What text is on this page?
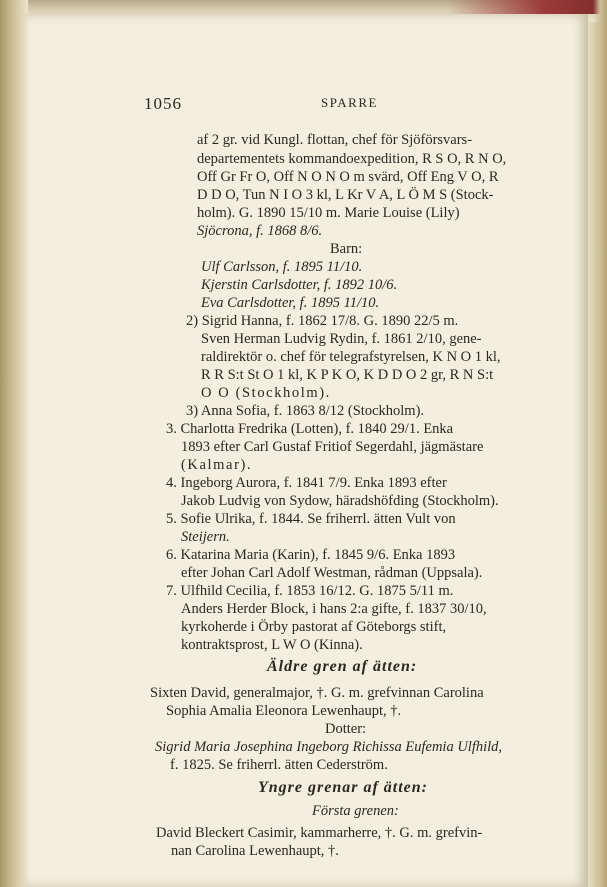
1056	SPARRE
af 2 gr. vid Kungl. flottan, chef för Sjöförsvars-
departementets kommandoexpedition, R S O, R N O,
Off Gr Fr O, Off N O N O m svärd, Off Eng V O, R
D D O, Tun N I O 3 kl, L Kr V A, L Ö M S (Stock-
holm). G. 1890 15/10 m. Marie Louise (Lily)
Sjöcrona, f. 1868 8/6.
Barn:
Ulf Carlsson, f. 1895 11/10.
Kjerstin Carlsdotter, f. 1892 10/6.
Eva Carlsdotter, f. 1895 11/10.
2) Sigrid Hanna, f. 1862 17/8. G. 1890 22/5 m.
Sven Herman Ludvig Rydin, f. 1861 2/10, gene-
raldirektör o. chef för telegrafstyrelsen, K N O 1 kl,
R R S:t St O 1 kl, K P K O, K D D O 2 gr, R N S:t
O O (Stockholm).
3) Anna Sofia, f. 1863 8/12 (Stockholm).
3. Charlotta Fredrika (Lotten), f. 1840 29/1. Enka
1893 efter Carl Gustaf Fritiof Segerdahl, jägmästare
(Kalmar).
4. Ingeborg Aurora, f. 1841 7/9. Enka 1893 efter
Jakob Ludvig von Sydow, häradshöfding (Stockholm).
5. Sofie Ulrika, f. 1844. Se friherrl. ätten Vult von
Steijern.
6. Katarina Maria (Karin), f. 1845 9/6. Enka 1893
efter Johan Carl Adolf Westman, rådman (Uppsala).
7. Ulfhild Cecilia, f. 1853 16/12. G. 1875 5/11 m.
Anders Herder Block, i hans 2:a gifte, f. 1837 30/10,
kyrkoherde i Örby pastorat af Göteborgs stift,
kontraktsprost, L W O (Kinna).
Äldre gren af ätten:
Sixten David, generalmajor, †. G. m. grefvinnan Carolina
Sophia Amalia Eleonora Lewenhaupt, †.
Dotter:
Sigrid Maria Josephina Ingeborg Richissa Eufemia Ulfhild,
f. 1825. Se friherrl. ätten Cederström.
Yngre grenar af ätten:
Första grenen:
David Bleckert Casimir, kammarherre, †. G. m. grefvin-
nan Carolina Lewenhaupt, †.
